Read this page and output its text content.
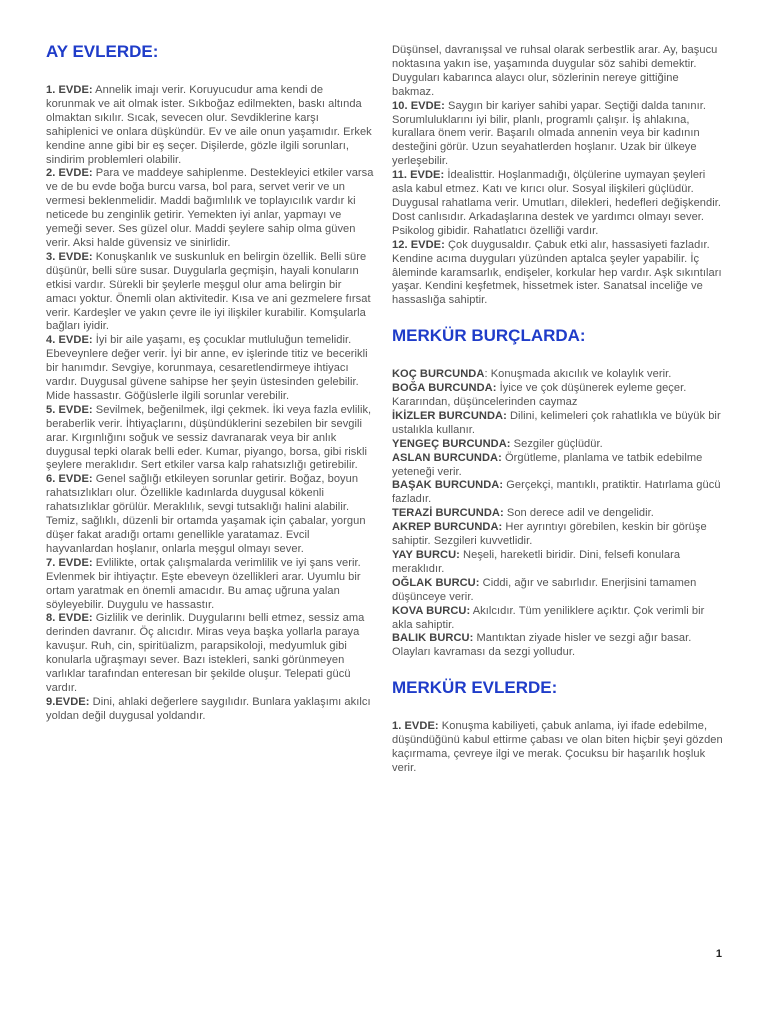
AY EVLERDE:

1. EVDE: Annelik imajı verir. Koruyucudur ama kendi de korunmak ve ait olmak ister. Sıkboğaz edilmekten, baskı altında olmaktan sıkılır. Sıcak, sevecen olur. Sevdiklerine karşı sahiplenici ve onlara düşkündür. Ev ve aile onun yaşamıdır. Erkek kendine anne gibi bir eş seçer. Dişilerde, gözle ilgili sorunları, sindirim problemleri olabilir.

2. EVDE: Para ve maddeye sahiplenme. Destekleyici etkiler varsa ve de bu evde boğa burcu varsa, bol para, servet verir ve un vermesi beklenmelidir. Maddi bağımlılık ve toplayıcılık vardır ki neticede bu zenginlik getirir. Yemekten iyi anlar, yapmayı ve yemeği sever. Ses güzel olur. Maddi şeylere sahip olma güven verir. Aksi halde güvensiz ve sinirlidir.

3. EVDE: Konuşkanlık ve suskunluk en belirgin özellik. Belli süre düşünür, belli süre susar. Duygularla geçmişin, hayali konuların etkisi vardır. Sürekli bir şeylerle meşgul olur ama belirgin bir amacı yoktur. Önemli olan aktivitedir. Kısa ve ani gezmelere fırsat verir. Kardeşler ve yakın çevre ile iyi ilişkiler kurabilir. Komşularla bağları iyidir.

4. EVDE: İyi bir aile yaşamı, eş çocuklar mutluluğun temelidir. Ebeveynlere değer verir. İyi bir anne, ev işlerinde titiz ve becerikli bir hanımdır. Sevgiye, korunmaya, cesaretlendirmeye ihtiyacı vardır. Duygusal güvene sahipse her şeyin üstesinden gelebilir. Mide hassastır. Göğüslerle ilgili sorunlar verebilir.

5. EVDE: Sevilmek, beğenilmek, ilgi çekmek. İki veya fazla evlilik, beraberlik verir. İhtiyaçlarını, düşündüklerini sezebilen bir sevgili arar. Kırgınlığını soğuk ve sessiz davranarak veya bir anlık duygusal tepki olarak belli eder. Kumar, piyango, borsa, gibi riskli şeylere meraklıdır. Sert etkiler varsa kalp rahatsızlığı getirebilir.

6. EVDE: Genel sağlığı etkileyen sorunlar getirir. Boğaz, boyun rahatsızlıkları olur. Özellikle kadınlarda duygusal kökenli rahatsızlıklar görülür. Meraklılık, sevgi tutsaklığı halini alabilir. Temiz, sağlıklı, düzenli bir ortamda yaşamak için çabalar, yorgun düşer fakat aradığı ortamı genellikle yaratamaz. Evcil hayvanlardan hoşlanır, onlarla meşgul olmayı sever.

7. EVDE: Evlilikte, ortak çalışmalarda verimlilik ve iyi şans verir. Evlenmek bir ihtiyaçtır. Eşte ebeveyn özellikleri arar. Uyumlu bir ortam yaratmak en önemli amacıdır. Bu amaç uğruna yalan söyleyebilir. Duygulu ve hassastır.

8. EVDE: Gizlilik ve derinlik. Duygularını belli etmez, sessiz ama derinden davranır. Öç alıcıdır. Miras veya başka yollarla paraya kavuşur. Ruh, cin, spiritüalizm, parapsikoloji, medyumluk gibi konularla uğraşmayı sever. Bazı istekleri, sanki görünmeyen varlıklar tarafından enteresan bir şekilde oluşur. Telepati gücü vardır.

9.EVDE: Dini, ahlaki değerlere saygılıdır. Bunlara yaklaşımı akılcı yoldan değil duygusal yoldandır.

Düşünsel, davranışsal ve ruhsal olarak serbestlik arar. Ay, başucu noktasına yakın ise, yaşamında duygular söz sahibi demektir. Duyguları kabarınca alaycı olur, sözlerinin nereye gittiğine bakmaz.

10. EVDE: Saygın bir kariyer sahibi yapar. Seçtiği dalda tanınır. Sorumluluklarını iyi bilir, planlı, programlı çalışır. İş ahlakına, kurallara önem verir. Başarılı olmada annenin veya bir kadının desteğini görür. Uzun seyahatlerden hoşlanır. Uzak bir ülkeye yerleşebilir.

11. EVDE: İdealisttir. Hoşlanmadığı, ölçülerine uymayan şeyleri asla kabul etmez. Katı ve kırıcı olur. Sosyal ilişkileri güçlüdür. Duygusal rahatlama verir. Umutları, dilekleri, hedefleri değişkendir. Dost canlısıdır. Arkadaşlarına destek ve yardımcı olmayı sever. Psikolog gibidir. Rahatlatıcı özelliği vardır.

12. EVDE: Çok duygusaldır. Çabuk etki alır, hassasiyeti fazladır. Kendine acıma duyguları yüzünden aptalca şeyler yapabilir. İç âleminde karamsarlık, endişeler, korkular hep vardır. Aşk sıkıntıları yaşar. Kendini keşfetmek, hissetmek ister. Sanatsal inceliğe ve hassaslığa sahiptir.

MERKÜR BURÇLARDA:

KOÇ BURCUNDA: Konuşmada akıcılık ve kolaylık verir.

BOĞA BURCUNDA: İyice ve çok düşünerek eyleme geçer. Kararından, düşüncelerinden caymaz

İKİZLER BURCUNDA: Dilini, kelimeleri çok rahatlıkla ve büyük bir ustalıkla kullanır.

YENGEÇ BURCUNDA: Sezgiler güçlüdür.

ASLAN BURCUNDA: Örgütleme, planlama ve tatbik edebilme yeteneği verir.

BAŞAK BURCUNDA: Gerçekçi, mantıklı, pratiktir. Hatırlama gücü fazladır.

TERAZİ BURCUNDA: Son derece adil ve dengelidir.

AKREP BURCUNDA: Her ayrıntıyı görebilen, keskin bir görüşe sahiptir. Sezgileri kuvvetlidir.

YAY BURCU: Neşeli, hareketli biridir. Dini, felsefi konulara meraklıdır.

OĞLAK BURCU: Ciddi, ağır ve sabırlıdır. Enerjisini tamamen düşünceye verir.

KOVA BURCU: Akılcıdır. Tüm yeniliklere açıktır. Çok verimli bir akla sahiptir.

BALIK BURCU: Mantıktan ziyade hisler ve sezgi ağır basar. Olayları kavraması da sezgi yolludur.

MERKÜR EVLERDE:

1. EVDE: Konuşma kabiliyeti, çabuk anlama, iyi ifade edebilme, düşündüğünü kabul ettirme çabası ve olan biten hiçbir şeyi gözden kaçırmama, çevreye ilgi ve merak. Çocuksu bir haşarılık hoşluk verir.

1
